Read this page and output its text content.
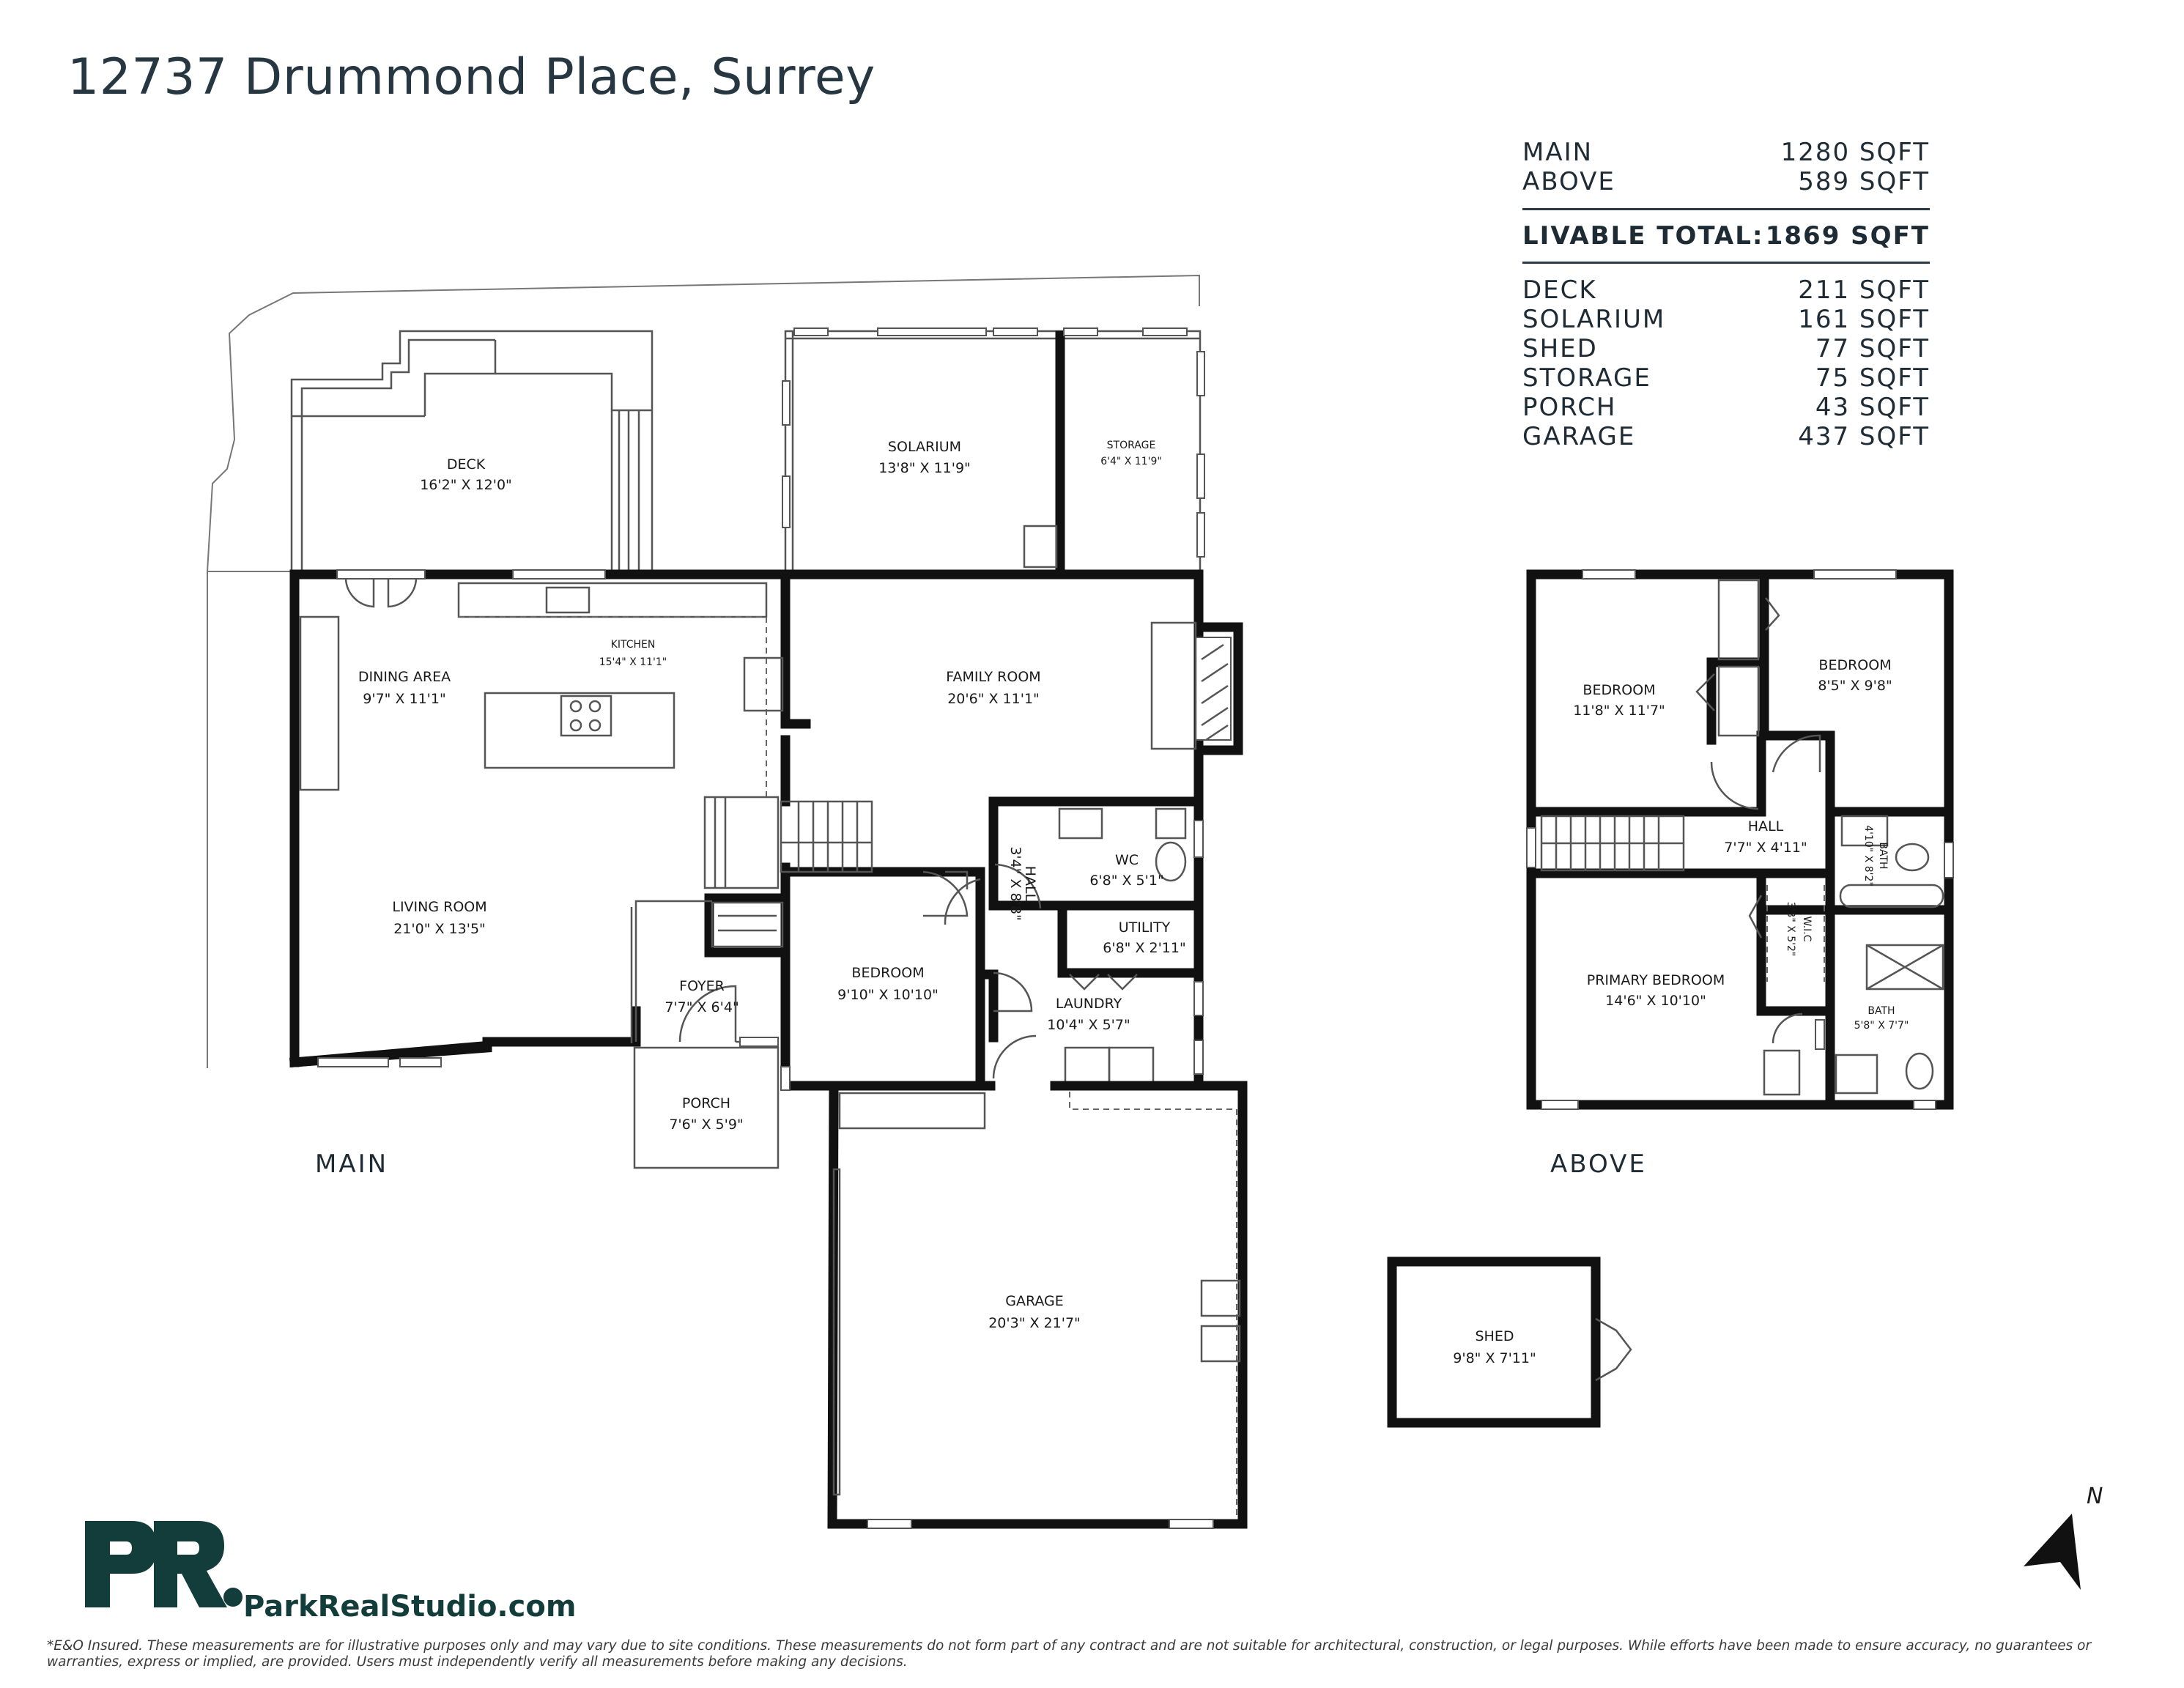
12737 Drummond Place, Surrey
MAIN	1280 SQFT
ABOVE	589 SQFT
LIVABLE TOTAL: 1869 SQFT
DECK	211 SQFT
SOLARIUM	161 SQFT
SHED	77 SQFT
STORAGE	75 SQFT
PORCH	43 SQFT
GARAGE	437 SQFT
DECK
16'2" X 12'0"
SOLARIUM
13'8" X 11'9"
STORAGE
6'4" X 11'9"
KITCHEN
15'4" X 11'1"
DINING AREA
9'7" X 11'1"
FAMILY ROOM
20'6" X 11'1"
LIVING ROOM
21'0" X 13'5"
HALL
3'4" X 8'8"	WC
6'8" X 5'1"
UTILITY
6'8" X 2'11"
FOYER
7'7" X 6'4"
BEDROOM
9'10" X 10'10"
LAUNDRY
10'4" X 5'7"
PORCH
7'6" X 5'9"
GARAGE
20'3" X 21'7"
SHED
9'8" X 7'11"
BEDROOM
11'8" X 11'7"
BEDROOM
8'5" X 9'8"
HALL
7'7" X 4'11"	BATH
4'10" X 8'2"
W.I.C
3'3" X 5'2"
PRIMARY BEDROOM
14'6" X 10'10"
BATH
5'8" X 7'7"
MAIN	ABOVE
N
ParkRealStudio.com
*E&O Insured. These measurements are for illustrative purposes only and may vary due to site conditions. These measurements do not form part of any contract and are not suitable for architectural, construction, or legal purposes. While efforts have been made to ensure accuracy, no guarantees or warranties, express or implied, are provided. Users must independently verify all measurements before making any decisions.
